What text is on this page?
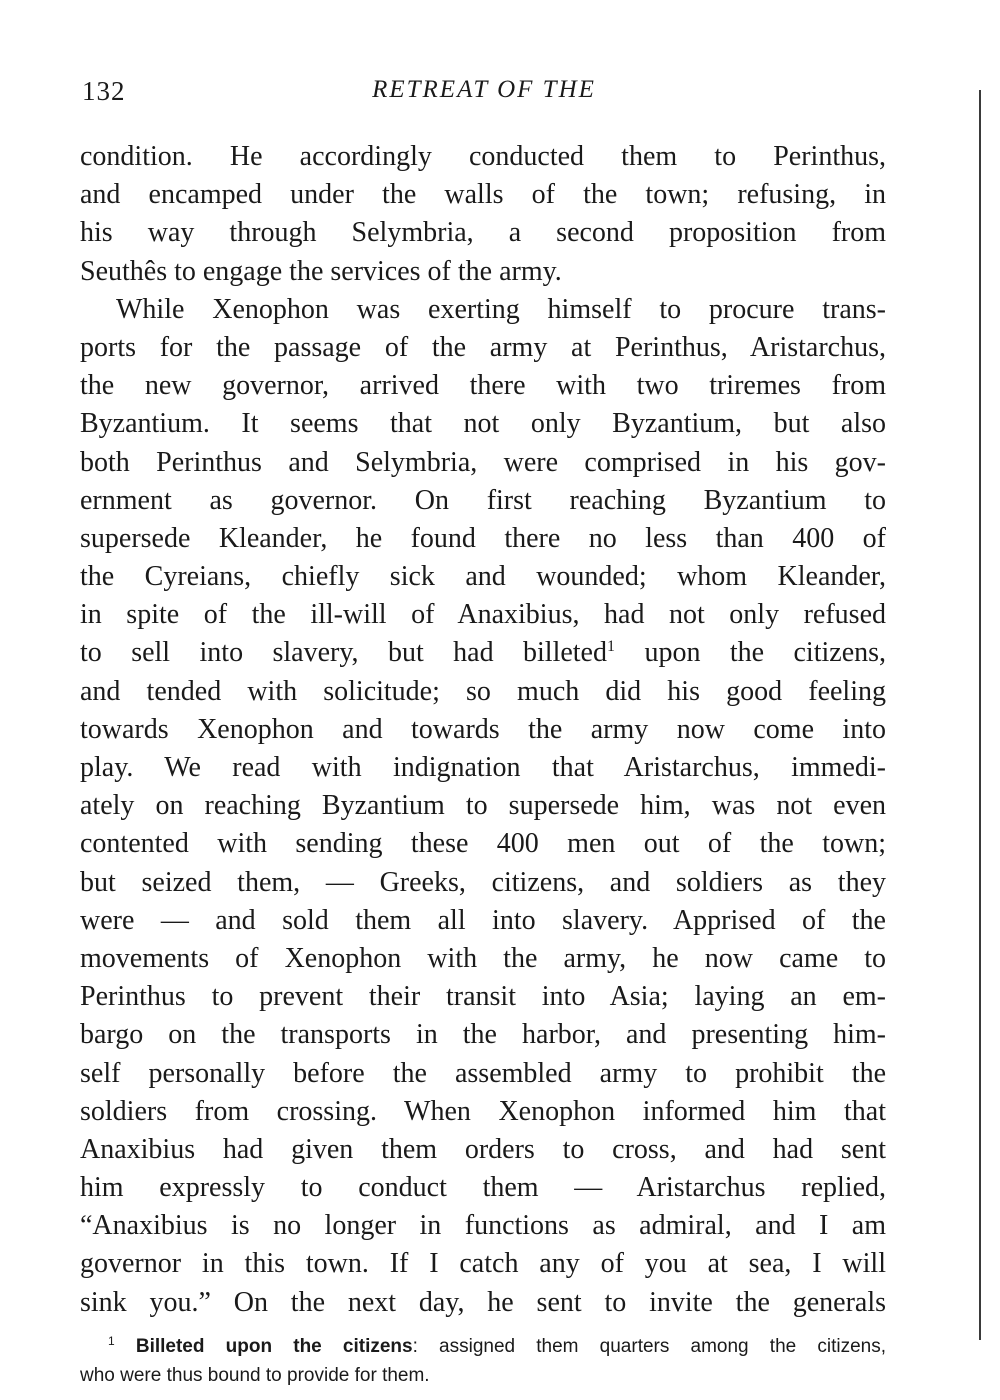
132	RETREAT OF THE
condition. He accordingly conducted them to Perinthus,
and encamped under the walls of the town; refusing, in
his way through Selymbria, a second proposition from
Seuthês to engage the services of the army.
While Xenophon was exerting himself to procure trans-
ports for the passage of the army at Perinthus, Aristarchus,
the new governor, arrived there with two triremes from
Byzantium. It seems that not only Byzantium, but also
both Perinthus and Selymbria, were comprised in his gov-
ernment as governor. On first reaching Byzantium to
supersede Kleander, he found there no less than 400 of
the Cyreians, chiefly sick and wounded; whom Kleander,
in spite of the ill-will of Anaxibius, had not only refused
to sell into slavery, but had billeted$^1$ upon the citizens,
and tended with solicitude; so much did his good feeling
towards Xenophon and towards the army now come into
play. We read with indignation that Aristarchus, immedi-
ately on reaching Byzantium to supersede him, was not even
contented with sending these 400 men out of the town;
but seized them, — Greeks, citizens, and soldiers as they
were — and sold them all into slavery. Apprised of the
movements of Xenophon with the army, he now came to
Perinthus to prevent their transit into Asia; laying an em-
bargo on the transports in the harbor, and presenting him-
self personally before the assembled army to prohibit the
soldiers from crossing. When Xenophon informed him that
Anaxibius had given them orders to cross, and had sent
him expressly to conduct them — Aristarchus replied,
“Anaxibius is no longer in functions as admiral, and I am
governor in this town. If I catch any of you at sea, I will
sink you.” On the next day, he sent to invite the generals
$^1$ Billeted upon the citizens: assigned them quarters among the citizens,
who were thus bound to provide for them.
